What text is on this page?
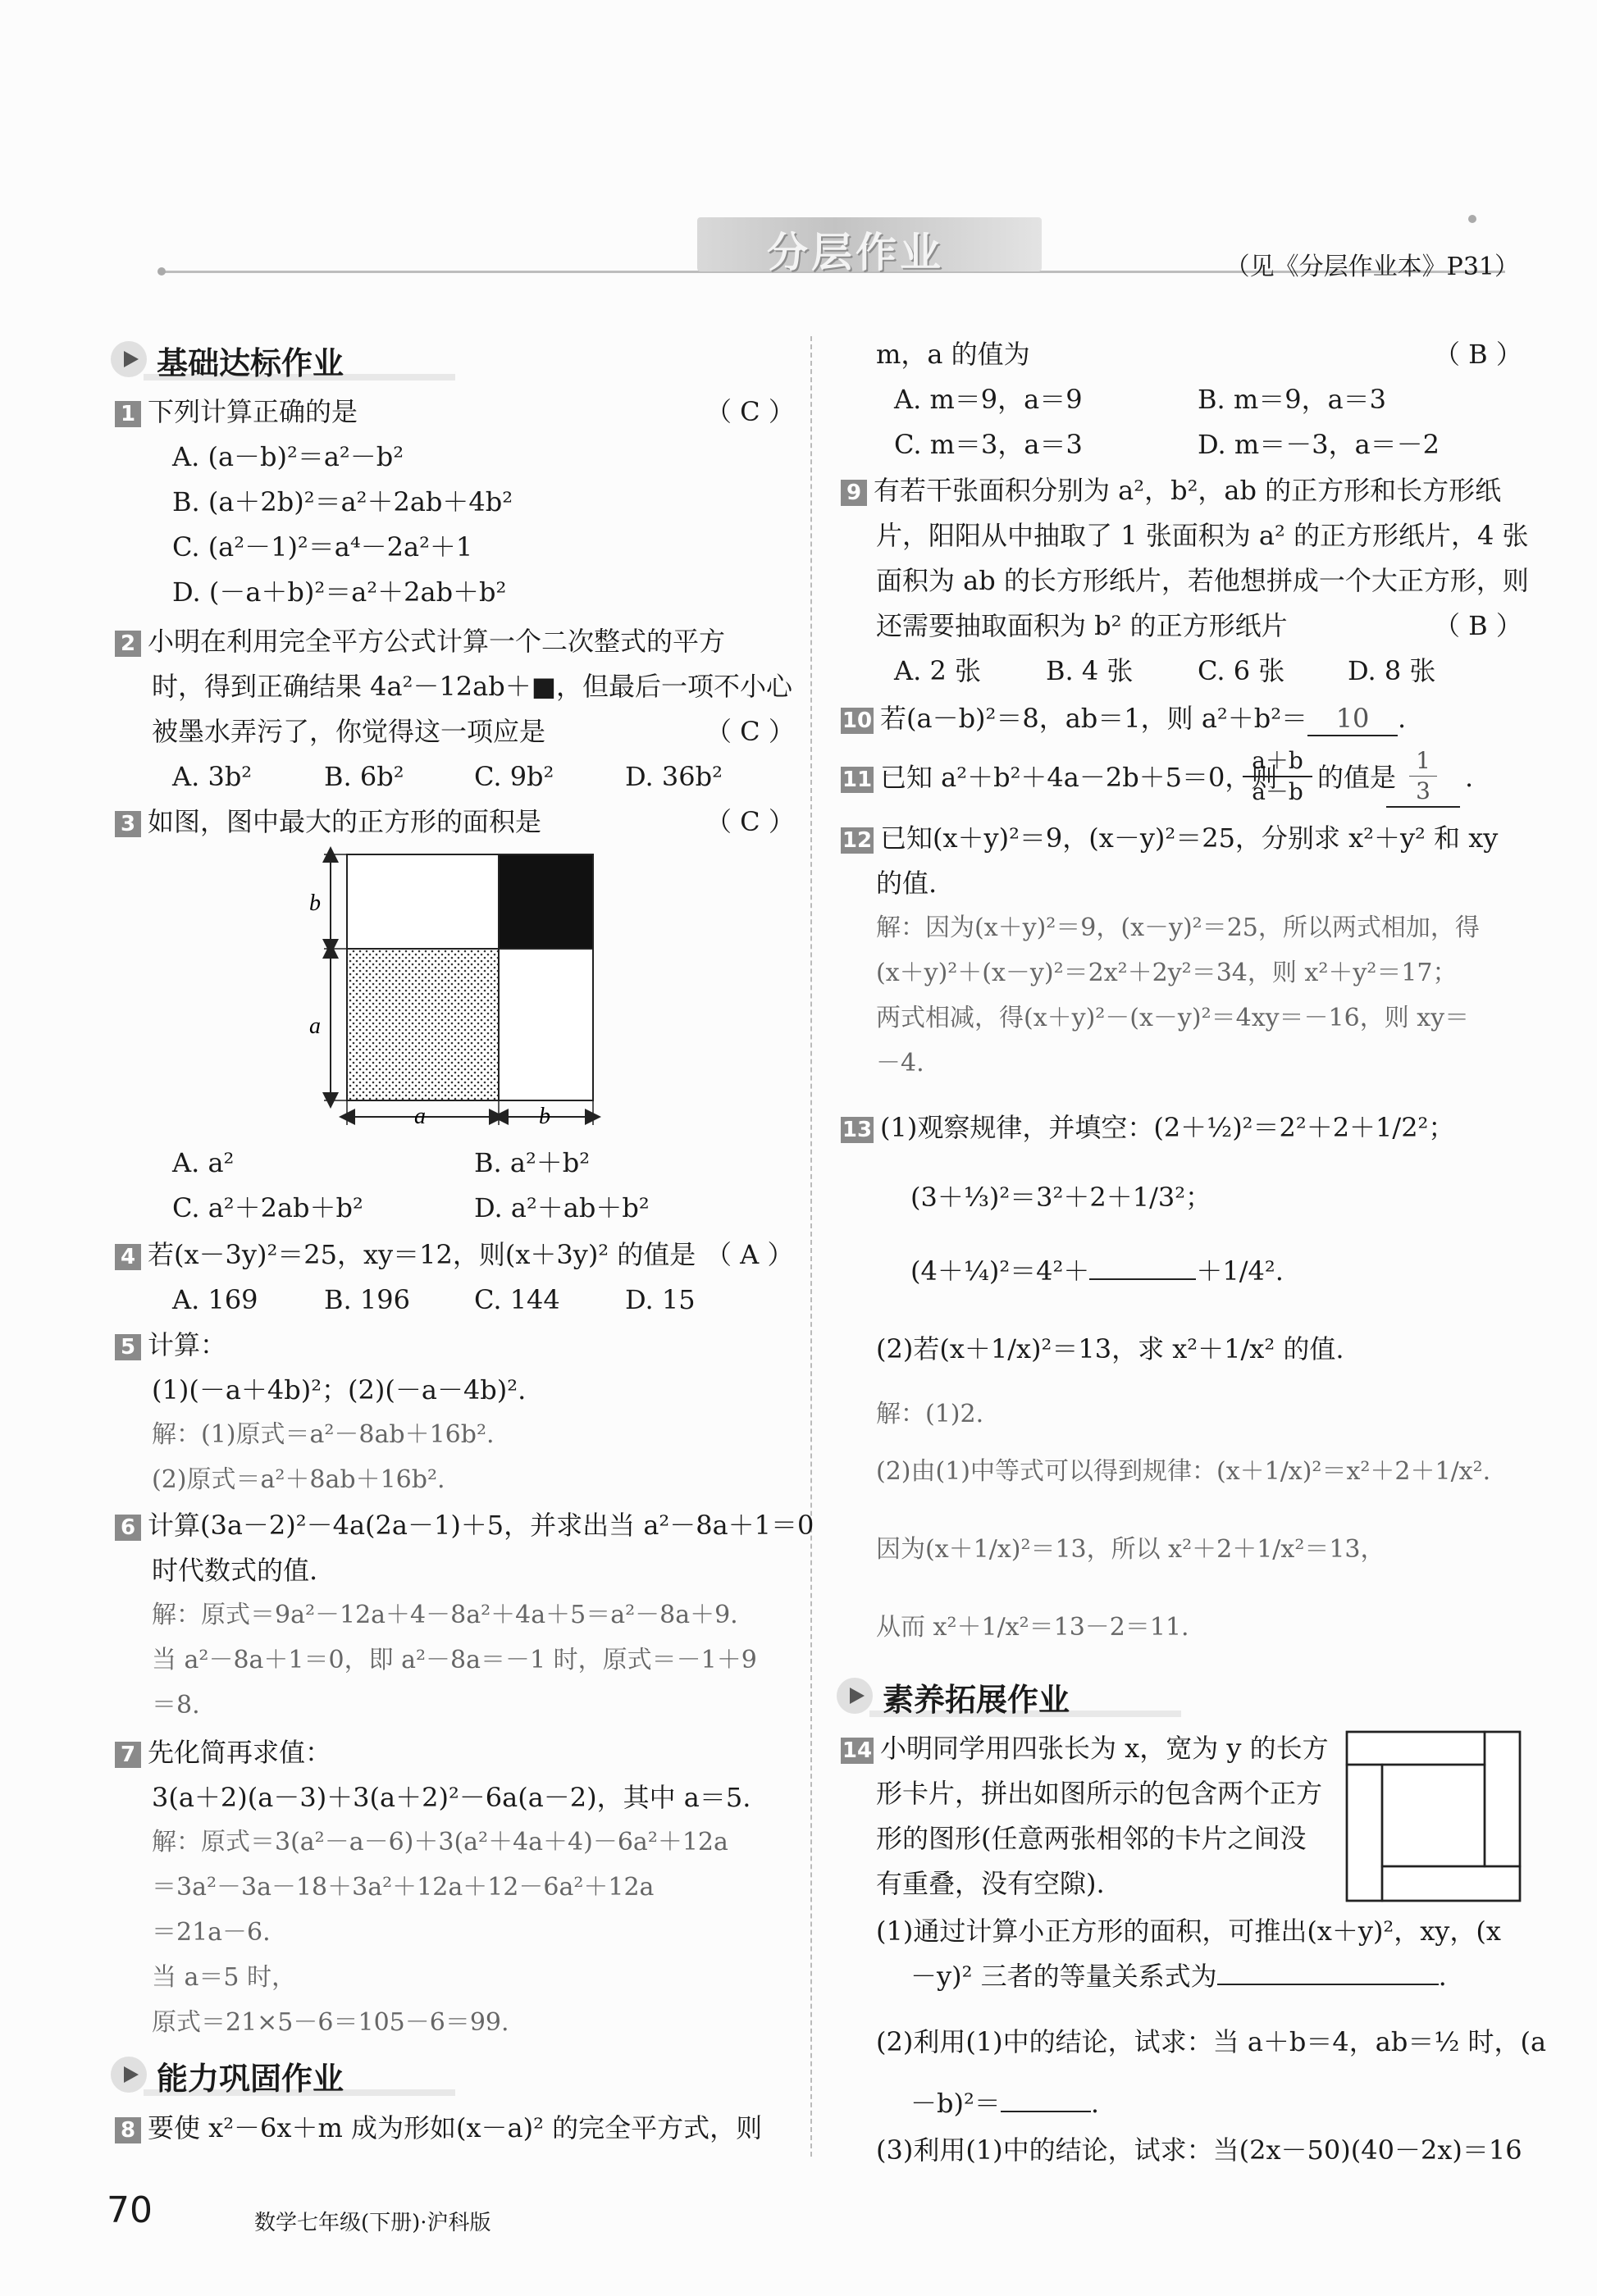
分层作业	（见《分层作业本》P31）
基础达标作业
1 下列计算正确的是	（ C ）
A. (a－b)²＝a²－b²
B. (a＋2b)²＝a²＋2ab＋4b²
C. (a²－1)²＝a⁴－2a²＋1
D. (－a＋b)²＝a²＋2ab＋b²
2 小明在利用完全平方公式计算一个二次整式的平方
时，得到正确结果 4a²－12ab＋■，但最后一项不小心
被墨水弄污了，你觉得这一项应是	（ C ）
A. 3b²	B. 6b²	C. 9b²	D. 36b²
3 如图，图中最大的正方形的面积是	（ C ）
b
a
a	b
A. a²	B. a²＋b²
C. a²＋2ab＋b²	D. a²＋ab＋b²
4 若(x－3y)²＝25，xy＝12，则(x＋3y)² 的值是 （ A ）
A. 169	B. 196 C. 144 D. 15
5 计算：
(1)(－a＋4b)²；(2)(－a－4b)².
解：(1)原式＝a²－8ab＋16b².
(2)原式＝a²＋8ab＋16b².
6 计算(3a－2)²－4a(2a－1)＋5，并求出当 a²－8a＋1＝0
时代数式的值.
解：原式＝9a²－12a＋4－8a²＋4a＋5＝a²－8a＋9.
当 a²－8a＋1＝0，即 a²－8a＝－1 时，原式＝－1＋9
＝8.
7 先化简再求值：
3(a＋2)(a－3)＋3(a＋2)²－6a(a－2)，其中 a＝5.
解：原式＝3(a²－a－6)＋3(a²＋4a＋4)－6a²＋12a
＝3a²－3a－18＋3a²＋12a＋12－6a²＋12a
＝21a－6.
当 a＝5 时，
原式＝21×5－6＝105－6＝99.
能力巩固作业
8 要使 x²－6x＋m 成为形如(x－a)² 的完全平方式，则
m，a 的值为	（ B ）
A. m＝9，a＝9	B. m＝9，a＝3
C. m＝3，a＝3	D. m＝－3，a＝－2
9 有若干张面积分别为 a²，b²，ab 的正方形和长方形纸
片，阳阳从中抽取了 1 张面积为 a² 的正方形纸片，4 张
面积为 ab 的长方形纸片，若他想拼成一个大正方形，则
还需要抽取面积为 b² 的正方形纸片	（ B ）
A. 2 张 B. 4 张 C. 6 张 D. 8 张
10 若(a－b)²＝8，ab＝1，则 a²＋b²＝ 10 .
11 已知 a²＋b²＋4a－2b＋5＝0，则
a＋b
a－b 的值是
1
3 .
12 已知(x＋y)²＝9，(x－y)²＝25，分别求 x²＋y² 和 xy
的值.
解：因为(x＋y)²＝9，(x－y)²＝25，所以两式相加，得
(x＋y)²＋(x－y)²＝2x²＋2y²＝34，则 x²＋y²＝17；
两式相减，得(x＋y)²－(x－y)²＝4xy＝－16，则 xy＝
－4.
13 (1)观察规律，并填空：(2＋½)²＝2²＋2＋1/2²；
(3＋⅓)²＝3²＋2＋1/3²；
(4＋¼)²＝4²＋	＋1/4².
(2)若(x＋1/x)²＝13，求 x²＋1/x² 的值.
解：(1)2.
(2)由(1)中等式可以得到规律：(x＋1/x)²＝x²＋2＋1/x².
因为(x＋1/x)²＝13，所以 x²＋2＋1/x²＝13，
从而 x²＋1/x²＝13－2＝11.
素养拓展作业
14 小明同学用四张长为 x，宽为 y 的长方
形卡片，拼出如图所示的包含两个正方
形的图形(任意两张相邻的卡片之间没
有重叠，没有空隙).
(1)通过计算小正方形的面积，可推出(x＋y)²，xy，(x
－y)² 三者的等量关系式为	.
(2)利用(1)中的结论，试求：当 a＋b＝4，ab＝½ 时，(a
－b)²＝	.
(3)利用(1)中的结论，试求：当(2x－50)(40－2x)＝16
70	数学七年级(下册)·沪科版
